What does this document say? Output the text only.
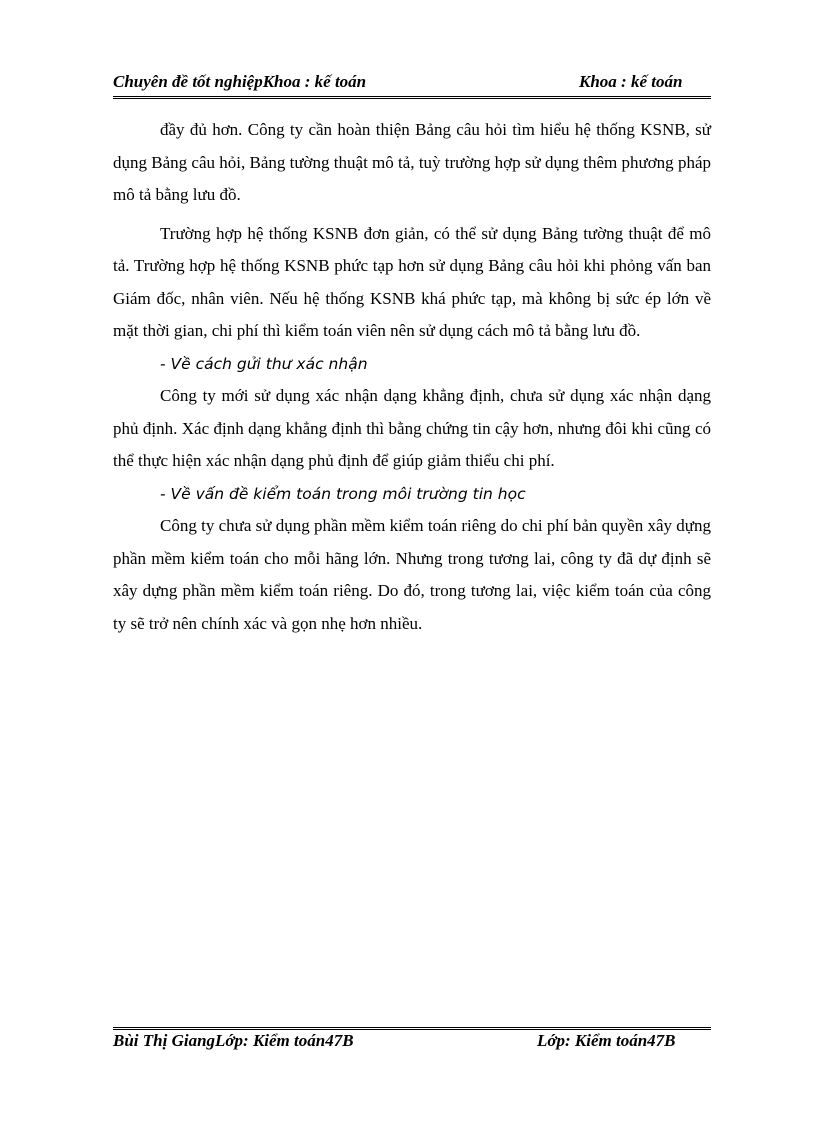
Chuyên đề tốt nghiệpKhoa : kế toán	Khoa : kế toán

đầy đủ hơn. Công ty cần hoàn thiện Bảng câu hỏi tìm hiểu hệ thống KSNB, sử dụng Bảng câu hỏi, Bảng tường thuật mô tả, tuỳ trường hợp sử dụng thêm phương pháp mô tả bằng lưu đồ.

Trường hợp hệ thống KSNB đơn giản, có thể sử dụng Bảng tường thuật để mô tả. Trường hợp hệ thống KSNB phức tạp hơn sử dụng Bảng câu hỏi khi phỏng vấn ban Giám đốc, nhân viên. Nếu hệ thống KSNB khá phức tạp, mà không bị sức ép lớn về mặt thời gian, chi phí thì kiểm toán viên nên sử dụng cách mô tả bằng lưu đồ.

- Về cách gửi thư xác nhận

Công ty mới sử dụng xác nhận dạng khẳng định, chưa sử dụng xác nhận dạng phủ định. Xác định dạng khẳng định thì bằng chứng tin cậy hơn, nhưng đôi khi cũng có thể thực hiện xác nhận dạng phủ định để giúp giảm thiểu chi phí.

- Về vấn đề kiểm toán trong môi trường tin học

Công ty chưa sử dụng phần mềm kiểm toán riêng do chi phí bản quyền xây dựng phần mềm kiểm toán cho mỗi hãng lớn. Nhưng trong tương lai, công ty đã dự định sẽ xây dựng phần mềm kiểm toán riêng. Do đó, trong tương lai, việc kiểm toán của công ty sẽ trở nên chính xác và gọn nhẹ hơn nhiều.

Bùi Thị GiangLớp: Kiểm toán47B	Lớp: Kiểm toán47B
